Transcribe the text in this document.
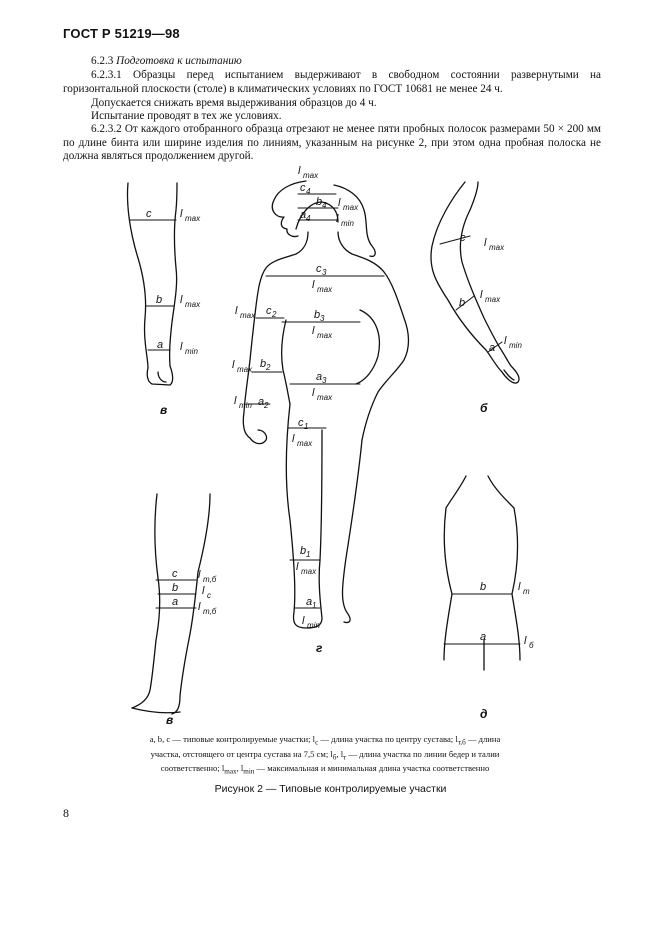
ГОСТ Р 51219—98
6.2.3 Подготовка к испытанию
6.2.3.1 Образцы перед испытанием выдерживают в свободном состоянии развернутыми на горизонтальной плоскости (столе) в климатических условиях по ГОСТ 10681 не менее 24 ч.
Допускается снижать время выдерживания образцов до 4 ч.
Испытание проводят в тех же условиях.
6.2.3.2 От каждого отобранного образца отрезают не менее пяти пробных полосок размерами 50 × 200 мм по длине бинта или ширине изделия по линиям, указанным на рисунке 2, при этом одна пробная полоска не должна являться продолжением другой.
в	б
г
в	д
c
b
a
l max
l max
l min
c
b
a
l max
l max
l min
l max
c 4
b 4 l max
a 4 l min
c 3
l max
l max c 2	b 3
l max
l max b 2
a 3
l max
l min a 2
c 1
l max
b 1
l max
a 1
l min
c
b
a
l т,б
l c
l т,б
b
a
l т
l б
a, b, c — типовые контролируемые участки; $l_c$ — длина участка по центру сустава; $l_{т,б}$ — длина участка, отстоящего от центра сустава на 7,5 см; $l_б$, $l_т$ — длина участка по линии бедер и талии соответственно; $l_{max}$, $l_{min}$ — максимальная и минимальная длина участка соответственно
Рисунок 2 — Типовые контролируемые участки
8
